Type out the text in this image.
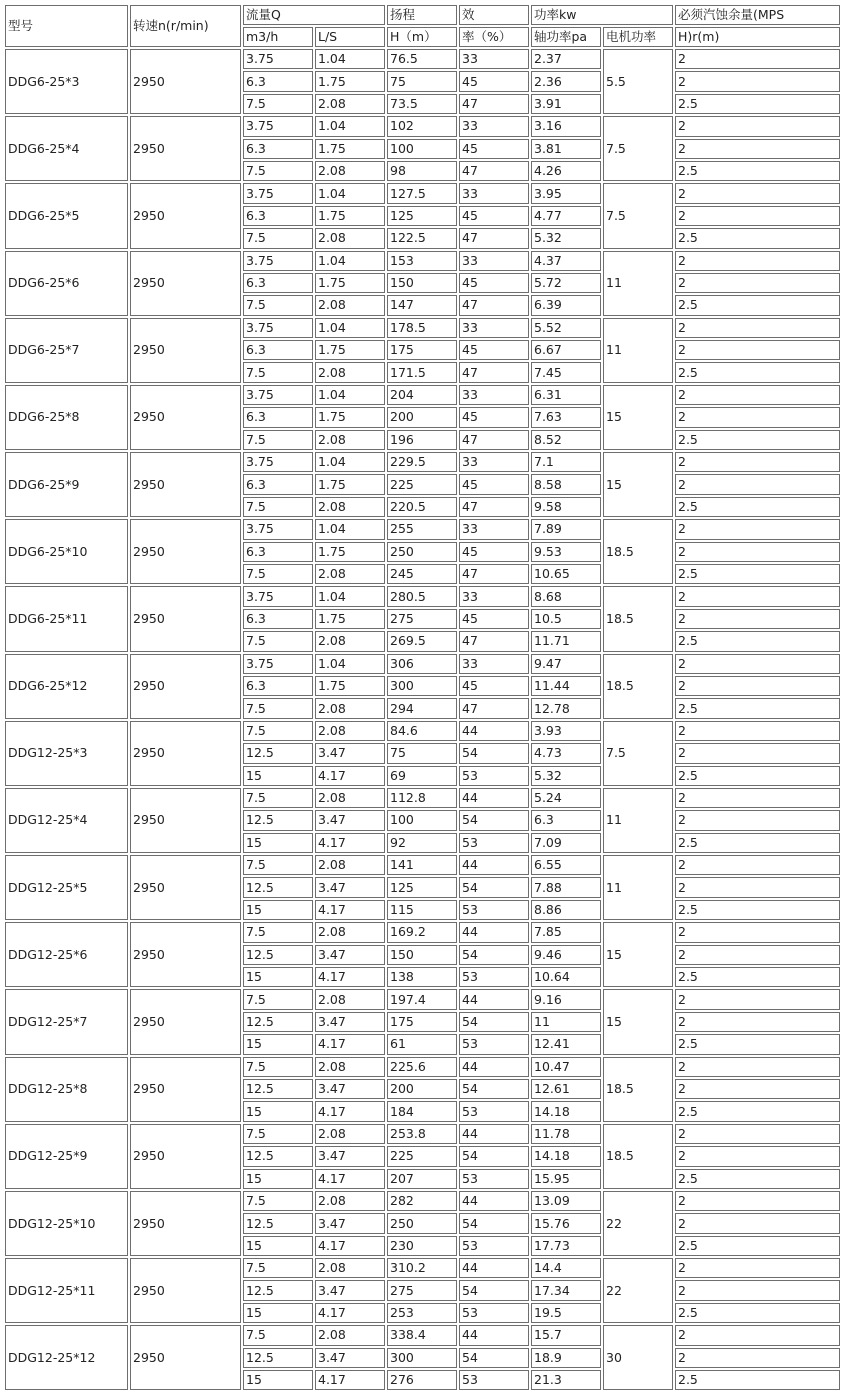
型号	转速n(r/min)	流量Q		扬程	效	功率kw		必须汽蚀余量(MPS
		m3/h	L/S	H（m）	率（%）	轴功率pa	电机功率	H)r(m)
DDG6-25*3	2950	3.75	1.04	76.5	33	2.37	5.5	2
		6.3	1.75	75	45	2.36		2
		7.5	2.08	73.5	47	3.91		2.5
DDG6-25*4	2950	3.75	1.04	102	33	3.16	7.5	2
		6.3	1.75	100	45	3.81		2
		7.5	2.08	98	47	4.26		2.5
DDG6-25*5	2950	3.75	1.04	127.5	33	3.95	7.5	2
		6.3	1.75	125	45	4.77		2
		7.5	2.08	122.5	47	5.32		2.5
DDG6-25*6	2950	3.75	1.04	153	33	4.37	11	2
		6.3	1.75	150	45	5.72		2
		7.5	2.08	147	47	6.39		2.5
DDG6-25*7	2950	3.75	1.04	178.5	33	5.52	11	2
		6.3	1.75	175	45	6.67		2
		7.5	2.08	171.5	47	7.45		2.5
DDG6-25*8	2950	3.75	1.04	204	33	6.31	15	2
		6.3	1.75	200	45	7.63		2
		7.5	2.08	196	47	8.52		2.5
DDG6-25*9	2950	3.75	1.04	229.5	33	7.1	15	2
		6.3	1.75	225	45	8.58		2
		7.5	2.08	220.5	47	9.58		2.5
DDG6-25*10	2950	3.75	1.04	255	33	7.89	18.5	2
		6.3	1.75	250	45	9.53		2
		7.5	2.08	245	47	10.65		2.5
DDG6-25*11	2950	3.75	1.04	280.5	33	8.68	18.5	2
		6.3	1.75	275	45	10.5		2
		7.5	2.08	269.5	47	11.71		2.5
DDG6-25*12	2950	3.75	1.04	306	33	9.47	18.5	2
		6.3	1.75	300	45	11.44		2
		7.5	2.08	294	47	12.78		2.5
DDG12-25*3	2950	7.5	2.08	84.6	44	3.93	7.5	2
		12.5	3.47	75	54	4.73		2
		15	4.17	69	53	5.32		2.5
DDG12-25*4	2950	7.5	2.08	112.8	44	5.24	11	2
		12.5	3.47	100	54	6.3		2
		15	4.17	92	53	7.09		2.5
DDG12-25*5	2950	7.5	2.08	141	44	6.55	11	2
		12.5	3.47	125	54	7.88		2
		15	4.17	115	53	8.86		2.5
DDG12-25*6	2950	7.5	2.08	169.2	44	7.85	15	2
		12.5	3.47	150	54	9.46		2
		15	4.17	138	53	10.64		2.5
DDG12-25*7	2950	7.5	2.08	197.4	44	9.16	15	2
		12.5	3.47	175	54	11		2
		15	4.17	61	53	12.41		2.5
DDG12-25*8	2950	7.5	2.08	225.6	44	10.47	18.5	2
		12.5	3.47	200	54	12.61		2
		15	4.17	184	53	14.18		2.5
DDG12-25*9	2950	7.5	2.08	253.8	44	11.78	18.5	2
		12.5	3.47	225	54	14.18		2
		15	4.17	207	53	15.95		2.5
DDG12-25*10	2950	7.5	2.08	282	44	13.09	22	2
		12.5	3.47	250	54	15.76		2
		15	4.17	230	53	17.73		2.5
DDG12-25*11	2950	7.5	2.08	310.2	44	14.4	22	2
		12.5	3.47	275	54	17.34		2
		15	4.17	253	53	19.5		2.5
DDG12-25*12	2950	7.5	2.08	338.4	44	15.7	30	2
		12.5	3.47	300	54	18.9		2
		15	4.17	276	53	21.3		2.5
